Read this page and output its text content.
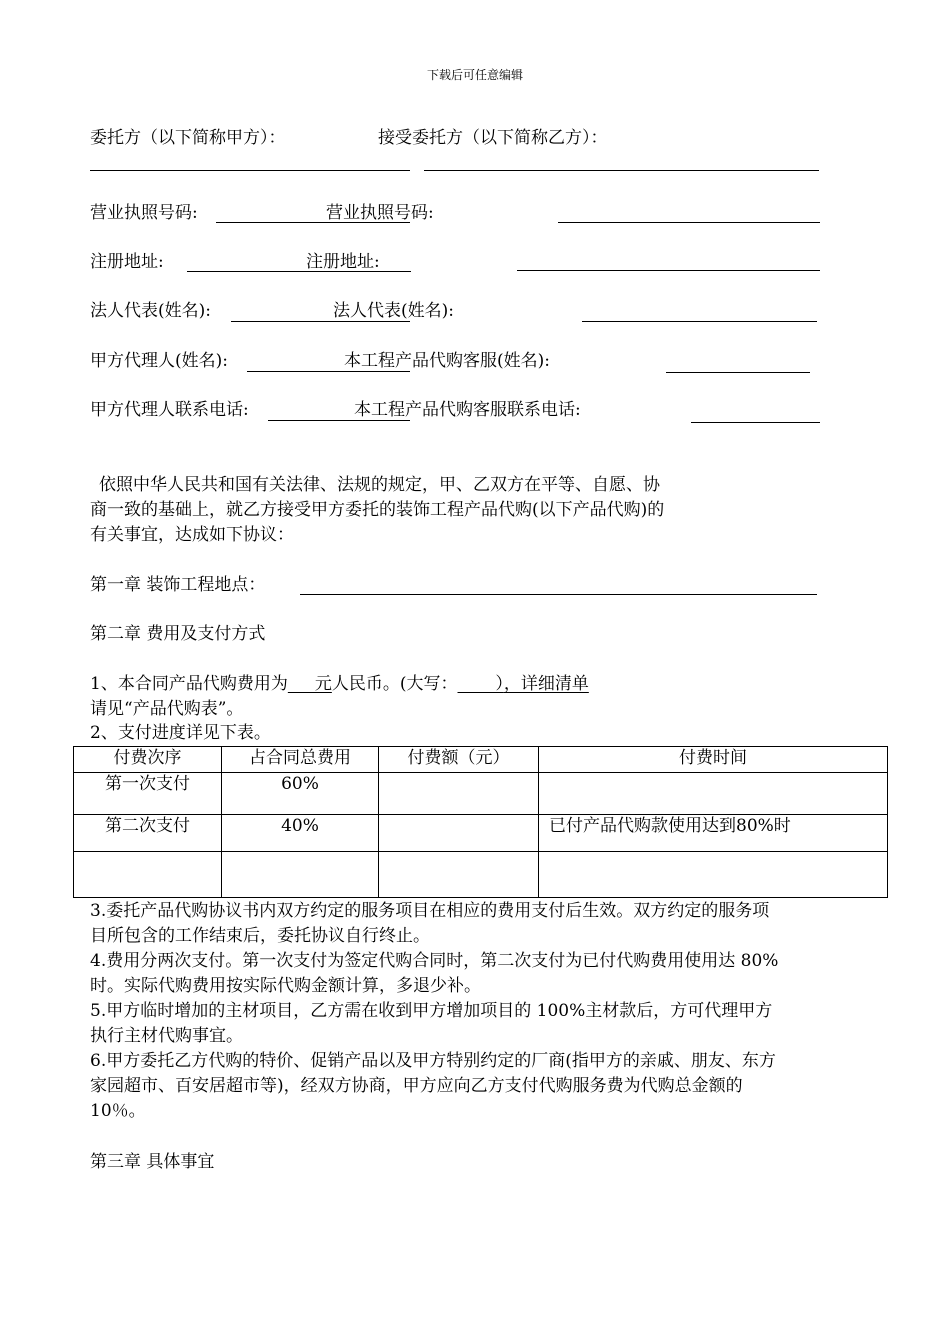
下载后可任意编辑
委托方（以下简称甲方）：	接受委托方（以下简称乙方）：
营业执照号码:	营业执照号码:
注册地址:	注册地址:
法人代表(姓名):	法人代表(姓名):
甲方代理人(姓名):	本工程产品代购客服(姓名):
甲方代理人联系电话:	本工程产品代购客服联系电话:
依照中华人民共和国有关法律、法规的规定，甲、乙双方在平等、自愿、协
商一致的基础上，就乙方接受甲方委托的装饰工程产品代购(以下产品代购)的
有关事宜，达成如下协议：
第一章 装饰工程地点：
第二章 费用及支付方式
1、本合同产品代购费用为     元人民币。(大写：       ），详细清单
请见“产品代购表”。
2、支付进度详见下表。
付费次序	占合同总费用	付费额（元）	付费时间
第一次支付	60%		
第二次支付	40%		已付产品代购款使用达到80%时

3.委托产品代购协议书内双方约定的服务项目在相应的费用支付后生效。双方约定的服务项
目所包含的工作结束后，委托协议自行终止。
4.费用分两次支付。第一次支付为签定代购合同时，第二次支付为已付代购费用使用达 80%
时。实际代购费用按实际代购金额计算，多退少补。
5.甲方临时增加的主材项目，乙方需在收到甲方增加项目的 100%主材款后，方可代理甲方
执行主材代购事宜。
6.甲方委托乙方代购的特价、促销产品以及甲方特别约定的厂商(指甲方的亲戚、朋友、东方
家园超市、百安居超市等)，经双方协商，甲方应向乙方支付代购服务费为代购总金额的
10％。
第三章 具体事宜
